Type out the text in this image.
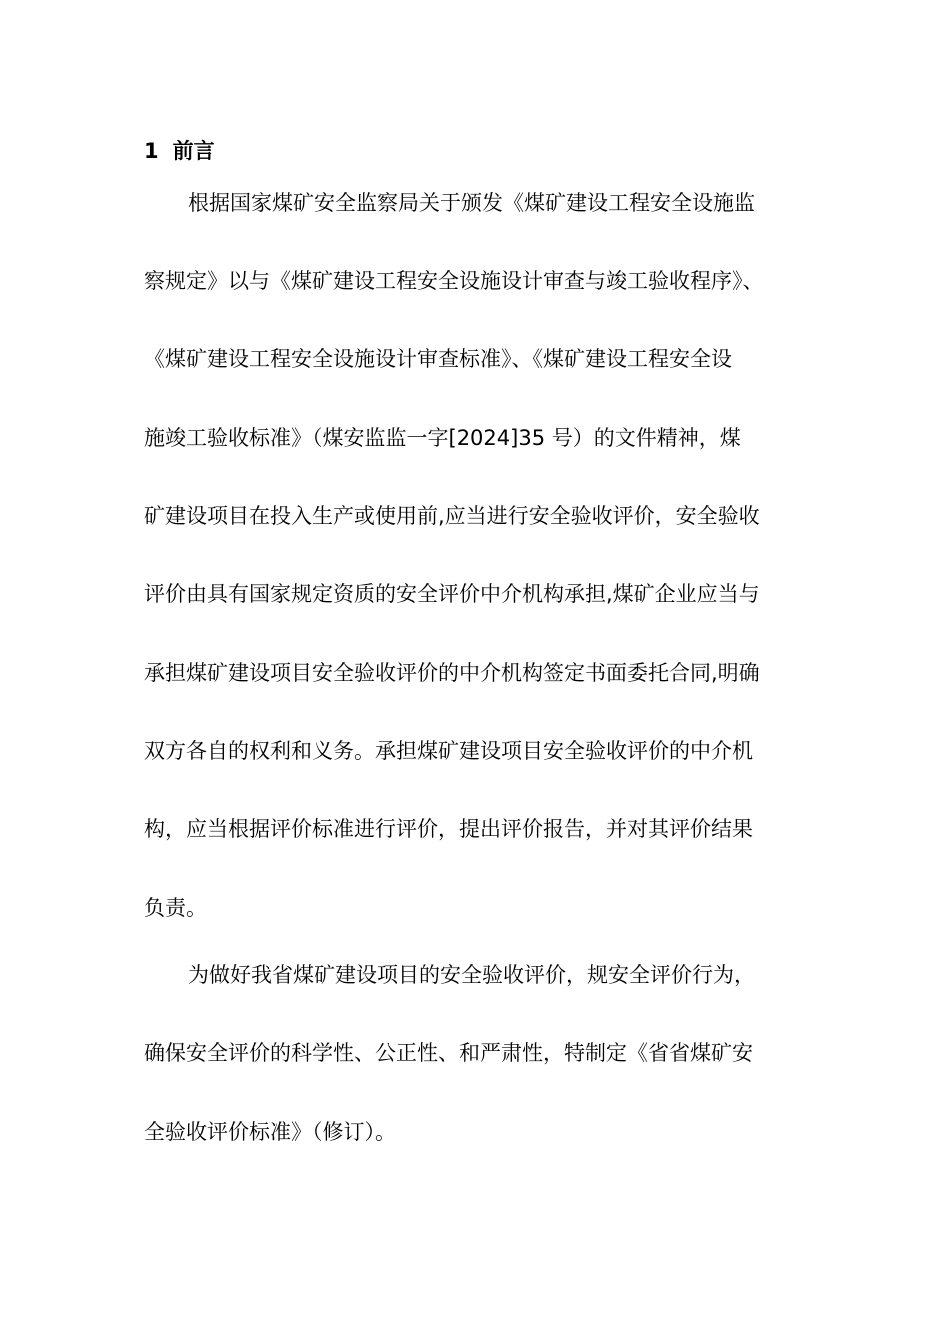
1 前言
根据国家煤矿安全监察局关于颁发《煤矿建设工程安全设施监
察规定》以与《煤矿建设工程安全设施设计审查与竣工验收程序》、
《煤矿建设工程安全设施设计审查标准》、《煤矿建设工程安全设
施竣工验收标准》（煤安监监一字[2024]35 号）的文件精神，煤
矿建设项目在投入生产或使用前,应当进行安全验收评价，安全验收
评价由具有国家规定资质的安全评价中介机构承担,煤矿企业应当与
承担煤矿建设项目安全验收评价的中介机构签定书面委托合同,明确
双方各自的权利和义务。承担煤矿建设项目安全验收评价的中介机
构，应当根据评价标准进行评价，提出评价报告，并对其评价结果
负责。
为做好我省煤矿建设项目的安全验收评价，规安全评价行为，
确保安全评价的科学性、公正性、和严肃性，特制定《省省煤矿安
全验收评价标准》（修订）。
